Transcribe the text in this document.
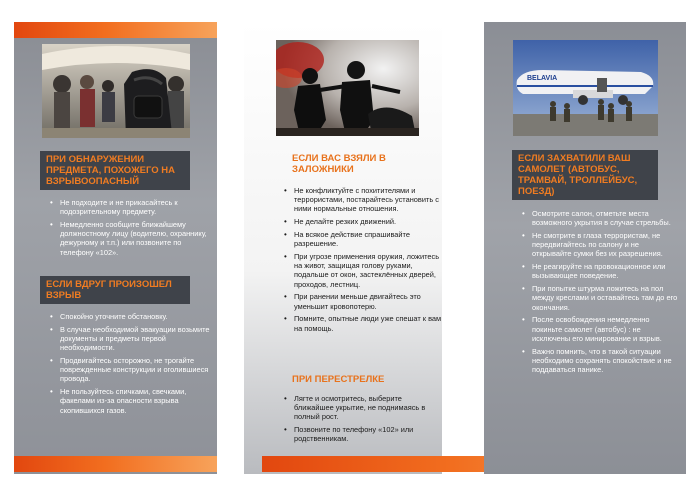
ПРИ ОБНАРУЖЕНИИ ПРЕДМЕТА, ПОХОЖЕГО НА ВЗРЫВООПАСНЫЙ
• Не подходите и не прикасайтесь к подозрительному предмету.
• Немедленно сообщите ближайшему должностному лицу (водителю, охраннику, дежурному и т.п.) или позвоните по телефону «102».
ЕСЛИ ВДРУГ ПРОИЗОШЕЛ ВЗРЫВ
• Спокойно уточните обстановку.
• В случае необходимой эвакуации возьмите документы и предметы первой необходимости.
• Продвигайтесь осторожно, не трогайте поврежденные конструкции и оголившиеся провода.
• Не пользуйтесь спичками, свечками, факелами из-за опасности взрыва скопившихся газов.
ЕСЛИ ВАС ВЗЯЛИ В ЗАЛОЖНИКИ
• Не конфликтуйте с похитителями и террористами, постарайтесь установить с ними нормальные отношения.
• Не делайте резких движений.
• На всякое действие спрашивайте разрешение.
• При угрозе применения оружия, ложитесь на живот, защищая голову руками, подальше от окон, застеклённых дверей, проходов, лестниц.
• При ранении меньше двигайтесь это уменьшит кровопотерю.
• Помните, опытные люди уже спешат к вам на помощь.
ПРИ ПЕРЕСТРЕЛКЕ
• Лягте и осмотритесь, выберите ближайшее укрытие, не поднимаясь в полный рост.
• Позвоните по телефону «102» или родственникам.
BELAVIA
ЕСЛИ ЗАХВАТИЛИ ВАШ САМОЛЕТ (АВТОБУС, ТРАМВАЙ, ТРОЛЛЕЙБУС, ПОЕЗД)
• Осмотрите салон, отметьте места возможного укрытия в случае стрельбы.
• Не смотрите в глаза террористам, не передвигайтесь по салону и не открывайте сумки без их разрешения.
• Не реагируйте на провокационное или вызывающее поведение.
• При попытке штурма ложитесь на пол между креслами и оставайтесь там до его окончания.
• После освобождения немедленно покиньте самолет (автобус) : не исключены его минирование и взрыв.
• Важно помнить, что в такой ситуации необходимо сохранять спокойствие и не поддаваться панике.
